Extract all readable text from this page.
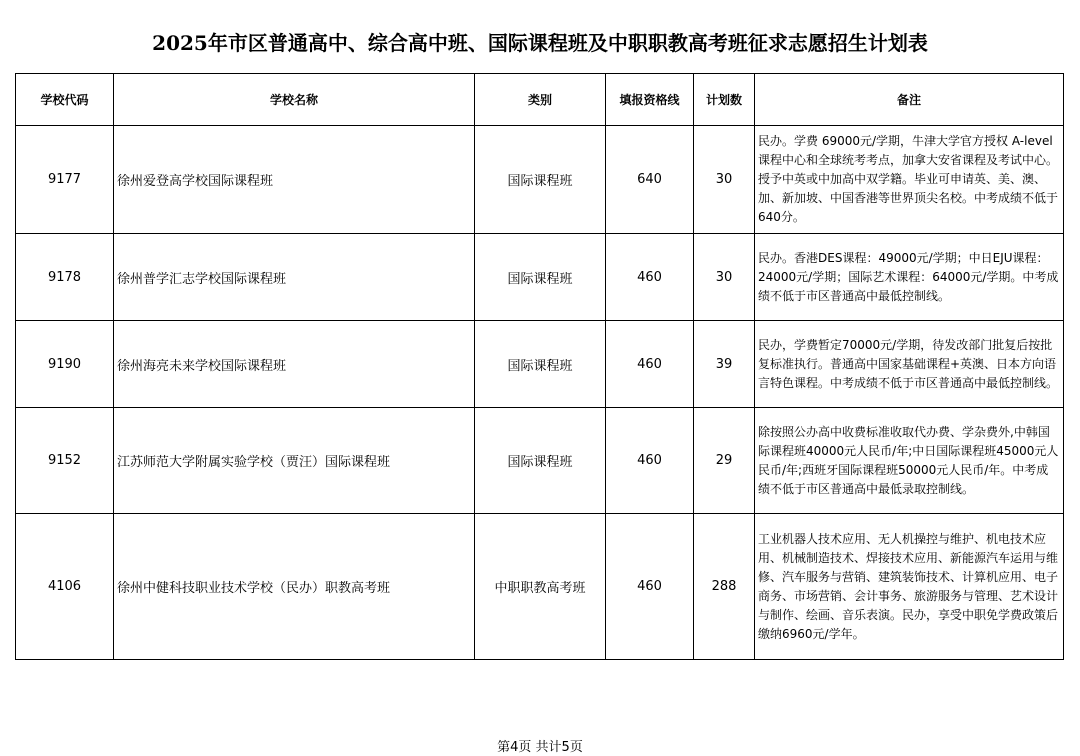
2025年市区普通高中、综合高中班、国际课程班及中职职教高考班征求志愿招生计划表
学校代码	学校名称	类别	填报资格线	计划数	备注
9177	徐州爱登高学校国际课程班	国际课程班	640	30	民办。学费 69000元/学期，牛津大学官方授权 A-level课程中心和全球统考考点，加拿大安省课程及考试中心。授予中英或中加高中双学籍。毕业可申请英、美、澳、加、新加坡、中国香港等世界顶尖名校。中考成绩不低于640分。
9178	徐州普学汇志学校国际课程班	国际课程班	460	30	民办。香港DES课程：49000元/学期；中日EJU课程：24000元/学期；国际艺术课程：64000元/学期。中考成绩不低于市区普通高中最低控制线。
9190	徐州海亮未来学校国际课程班	国际课程班	460	39	民办，学费暂定70000元/学期，待发改部门批复后按批复标准执行。普通高中国家基础课程+英澳、日本方向语言特色课程。中考成绩不低于市区普通高中最低控制线。
9152	江苏师范大学附属实验学校（贾汪）国际课程班	国际课程班	460	29	除按照公办高中收费标准收取代办费、学杂费外,中韩国际课程班40000元人民币/年;中日国际课程班45000元人民币/年;西班牙国际课程班50000元人民币/年。中考成绩不低于市区普通高中最低录取控制线。
4106	徐州中健科技职业技术学校（民办）职教高考班	中职职教高考班	460	288	工业机器人技术应用、无人机操控与维护、机电技术应用、机械制造技术、焊接技术应用、新能源汽车运用与维修、汽车服务与营销、建筑装饰技术、计算机应用、电子商务、市场营销、会计事务、旅游服务与管理、艺术设计与制作、绘画、音乐表演。民办，享受中职免学费政策后缴纳6960元/学年。
第4页 共计5页
